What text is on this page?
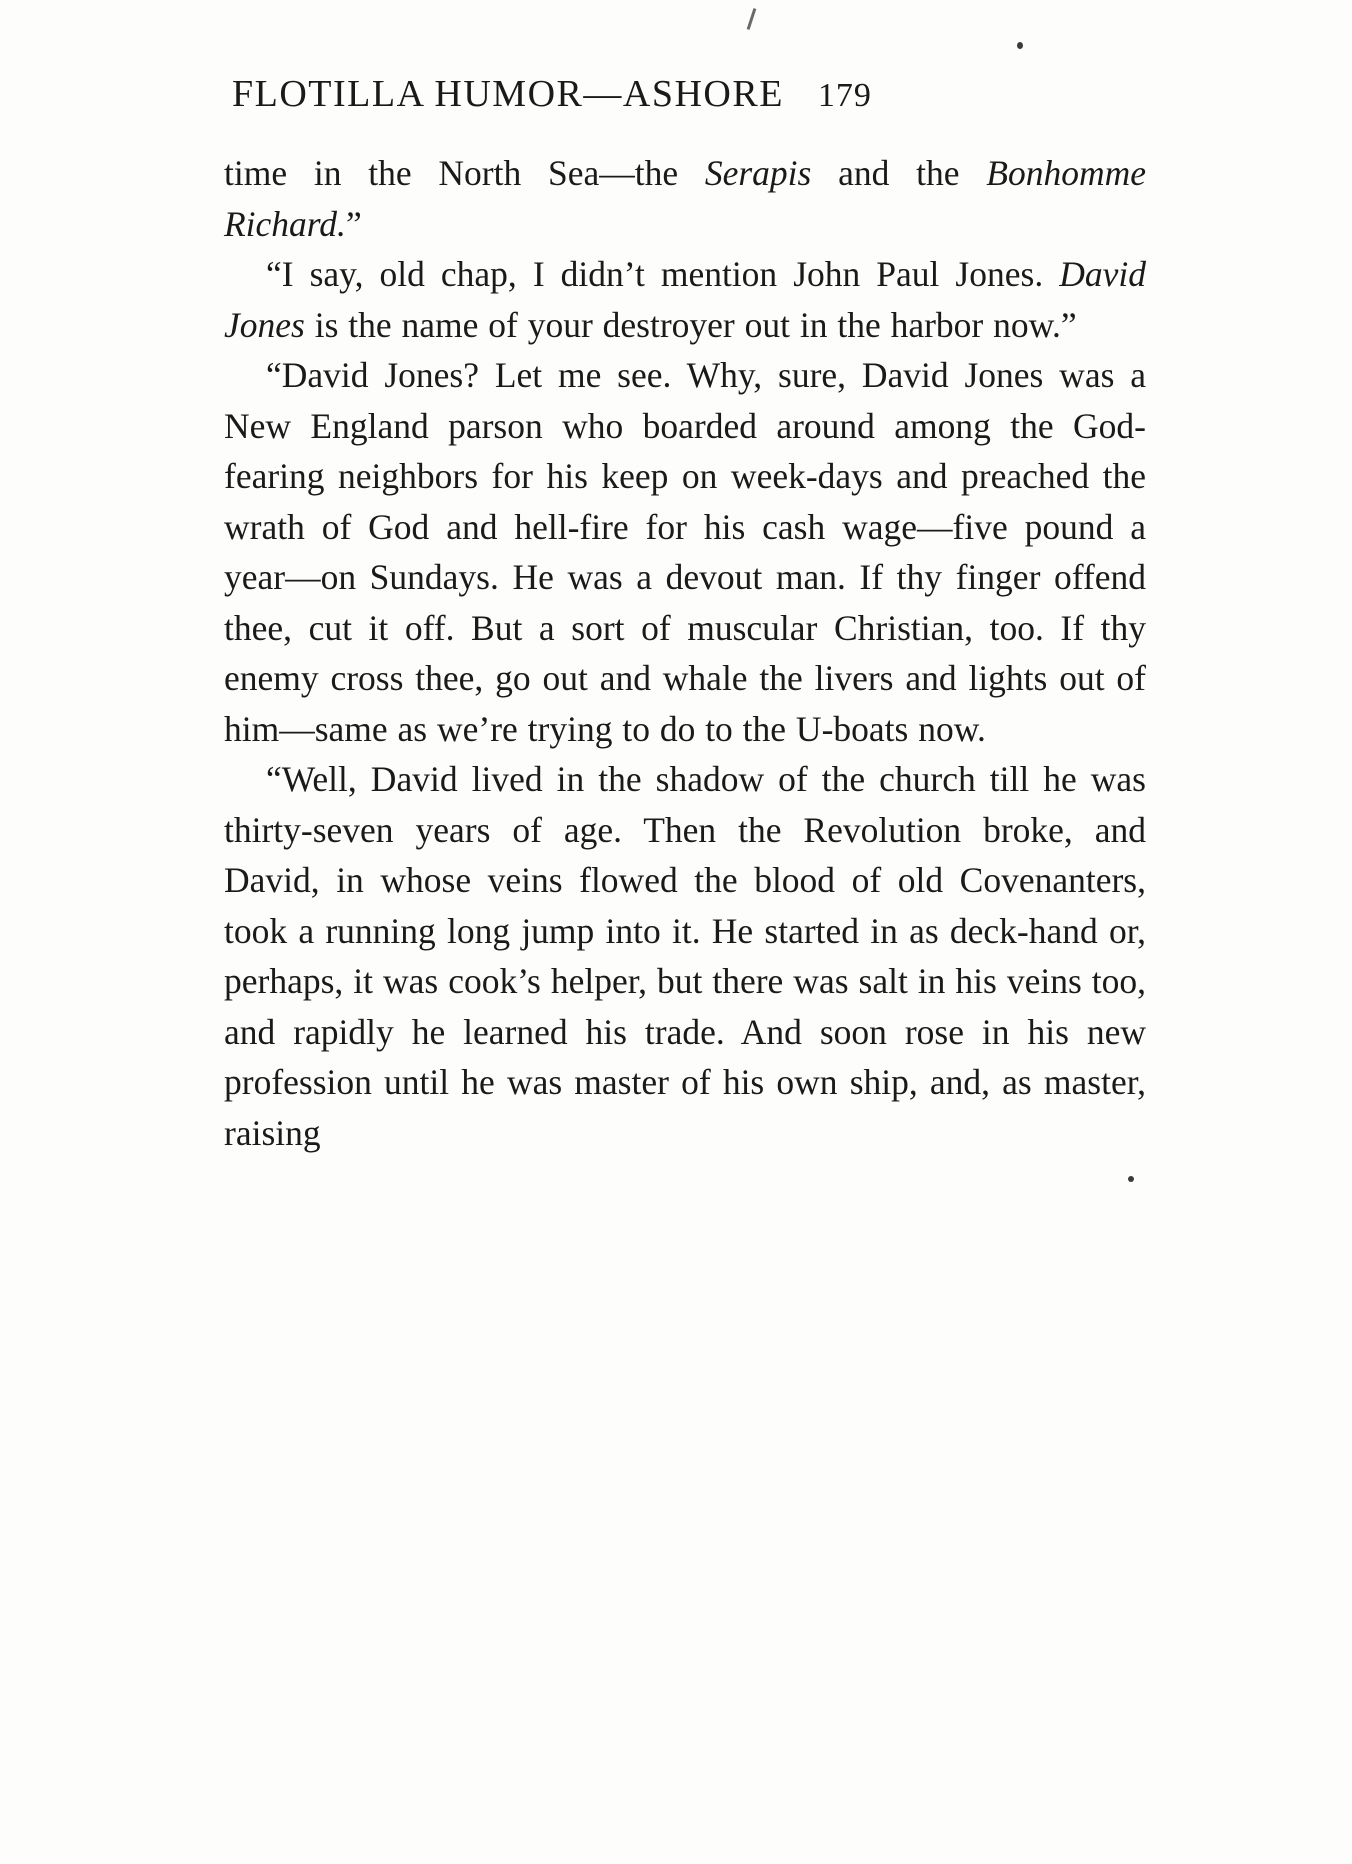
FLOTILLA HUMOR—ASHORE 179

time in the North Sea—the Serapis and the Bonhomme Richard.”

“I say, old chap, I didn’t mention John Paul Jones. David Jones is the name of your destroyer out in the harbor now.”

“David Jones? Let me see. Why, sure, David Jones was a New England parson who boarded around among the God-fearing neighbors for his keep on week-days and preached the wrath of God and hell-fire for his cash wage—five pound a year—on Sundays. He was a devout man. If thy finger offend thee, cut it off. But a sort of muscular Christian, too. If thy enemy cross thee, go out and whale the livers and lights out of him—same as we’re trying to do to the U-boats now.

“Well, David lived in the shadow of the church till he was thirty-seven years of age. Then the Revolution broke, and David, in whose veins flowed the blood of old Covenanters, took a running long jump into it. He started in as deck-hand or, perhaps, it was cook’s helper, but there was salt in his veins too, and rapidly he learned his trade. And soon rose in his new profession until he was master of his own ship, and, as master, raising
